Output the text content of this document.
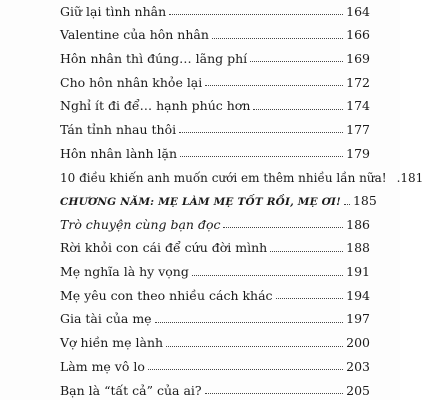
Giữ lại tình nhân	164
Valentine của hôn nhân	166
Hôn nhân thì đúng… lãng phí	169
Cho hôn nhân khỏe lại	172
Nghỉ ít đi để… hạnh phúc hơn	174
Tán tỉnh nhau thôi	177
Hôn nhân lành lặn	179
10 điều khiến anh muốn cưới em thêm nhiều lần nữa! .181
CHƯƠNG NĂM: MẸ LÀM MẸ TỐT RỒI, MẸ ƠI! 185
Trò chuyện cùng bạn đọc	186
Rời khỏi con cái để cứu đời mình	188
Mẹ nghĩa là hy vọng	191
Mẹ yêu con theo nhiều cách khác	194
Gia tài của mẹ	197
Vợ hiền mẹ lành	200
Làm mẹ vô lo	203
Bạn là “tất cả” của ai?	205
